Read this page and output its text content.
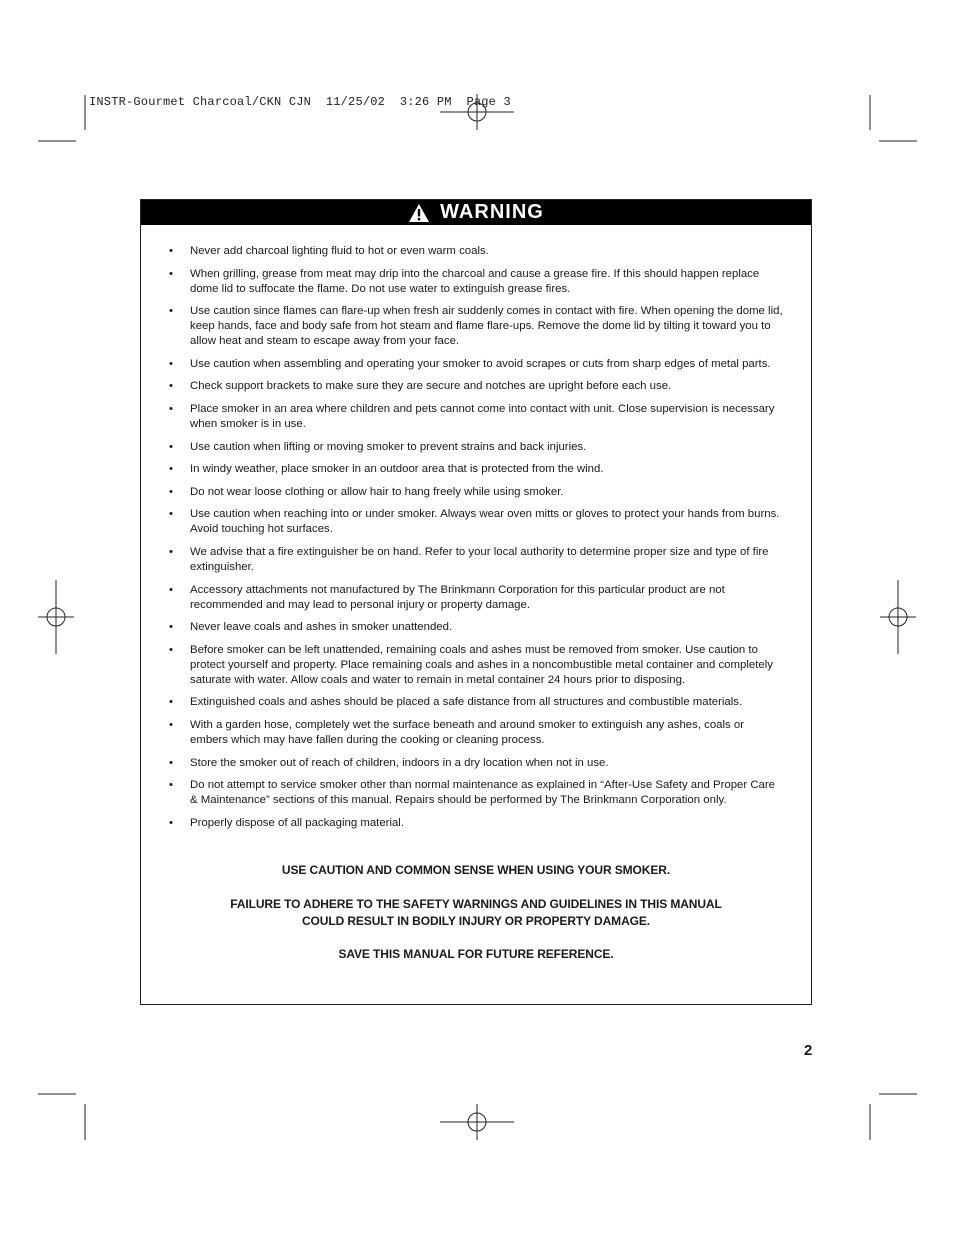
INSTR-Gourmet Charcoal/CKN CJN  11/25/02  3:26 PM  Page 3
WARNING
• Never add charcoal lighting fluid to hot or even warm coals.
• When grilling, grease from meat may drip into the charcoal and cause a grease fire. If this should happen replace dome lid to suffocate the flame. Do not use water to extinguish grease fires.
• Use caution since flames can flare-up when fresh air suddenly comes in contact with fire. When opening the dome lid, keep hands, face and body safe from hot steam and flame flare-ups. Remove the dome lid by tilting it toward you to allow heat and steam to escape away from your face.
• Use caution when assembling and operating your smoker to avoid scrapes or cuts from sharp edges of metal parts.
• Check support brackets to make sure they are secure and notches are upright before each use.
• Place smoker in an area where children and pets cannot come into contact with unit. Close supervision is necessary when smoker is in use.
• Use caution when lifting or moving smoker to prevent strains and back injuries.
• In windy weather, place smoker in an outdoor area that is protected from the wind.
• Do not wear loose clothing or allow hair to hang freely while using smoker.
• Use caution when reaching into or under smoker. Always wear oven mitts or gloves to protect your hands from burns. Avoid touching hot surfaces.
• We advise that a fire extinguisher be on hand. Refer to your local authority to determine proper size and type of fire extinguisher.
• Accessory attachments not manufactured by The Brinkmann Corporation for this particular product are not recommended and may lead to personal injury or property damage.
• Never leave coals and ashes in smoker unattended.
• Before smoker can be left unattended, remaining coals and ashes must be removed from smoker. Use caution to protect yourself and property. Place remaining coals and ashes in a noncombustible metal container and completely saturate with water. Allow coals and water to remain in metal container 24 hours prior to disposing.
• Extinguished coals and ashes should be placed a safe distance from all structures and combustible materials.
• With a garden hose, completely wet the surface beneath and around smoker to extinguish any ashes, coals or embers which may have fallen during the cooking or cleaning process.
• Store the smoker out of reach of children, indoors in a dry location when not in use.
• Do not attempt to service smoker other than normal maintenance as explained in “After-Use Safety and Proper Care & Maintenance” sections of this manual. Repairs should be performed by The Brinkmann Corporation only.
• Properly dispose of all packaging material.
USE CAUTION AND COMMON SENSE WHEN USING YOUR SMOKER.
FAILURE TO ADHERE TO THE SAFETY WARNINGS AND GUIDELINES IN THIS MANUAL
COULD RESULT IN BODILY INJURY OR PROPERTY DAMAGE.
SAVE THIS MANUAL FOR FUTURE REFERENCE.
2
